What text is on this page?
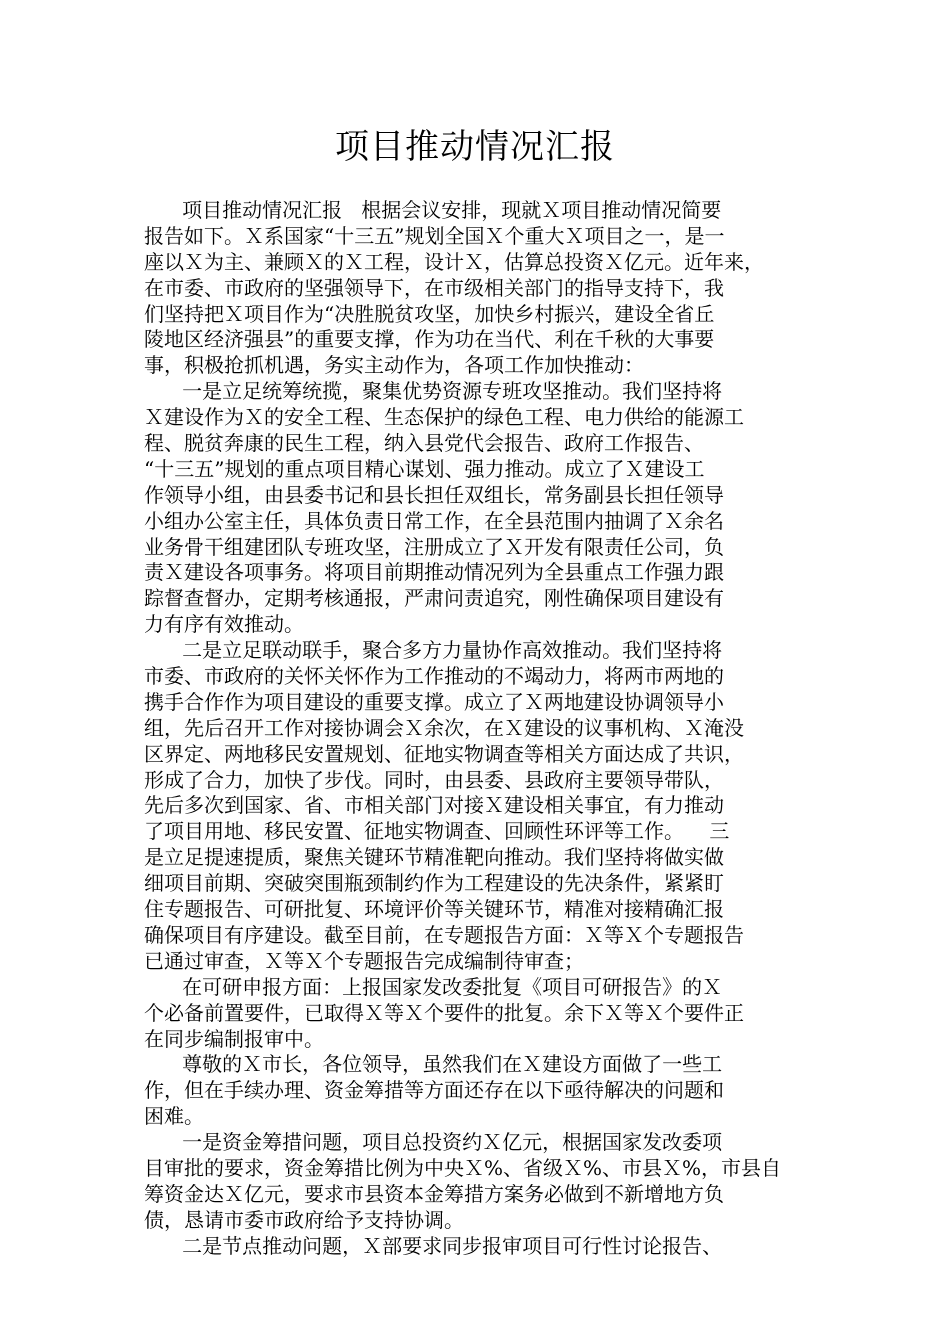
项目推动情况汇报
项目推动情况汇报   根据会议安排，现就Ｘ项目推动情况简要
报告如下。Ｘ系国家“十三五”规划全国Ｘ个重大Ｘ项目之一，是一
座以Ｘ为主、兼顾Ｘ的Ｘ工程，设计Ｘ，估算总投资Ｘ亿元。近年来，
在市委、市政府的坚强领导下，在市级相关部门的指导支持下，我
们坚持把Ｘ项目作为“决胜脱贫攻坚，加快乡村振兴，建设全省丘
陵地区经济强县”的重要支撑，作为功在当代、利在千秋的大事要
事，积极抢抓机遇，务实主动作为，各项工作加快推动：
一是立足统筹统揽，聚集优势资源专班攻坚推动。我们坚持将
Ｘ建设作为Ｘ的安全工程、生态保护的绿色工程、电力供给的能源工
程、脱贫奔康的民生工程，纳入县党代会报告、政府工作报告、
“十三五”规划的重点项目精心谋划、强力推动。成立了Ｘ建设工
作领导小组，由县委书记和县长担任双组长，常务副县长担任领导
小组办公室主任，具体负责日常工作，在全县范围内抽调了Ｘ余名
业务骨干组建团队专班攻坚，注册成立了Ｘ开发有限责任公司，负
责Ｘ建设各项事务。将项目前期推动情况列为全县重点工作强力跟
踪督查督办，定期考核通报，严肃问责追究，刚性确保项目建设有
力有序有效推动。
二是立足联动联手，聚合多方力量协作高效推动。我们坚持将
市委、市政府的关怀关怀作为工作推动的不竭动力，将两市两地的
携手合作作为项目建设的重要支撑。成立了Ｘ两地建设协调领导小
组，先后召开工作对接协调会Ｘ余次，在Ｘ建设的议事机构、Ｘ淹没
区界定、两地移民安置规划、征地实物调查等相关方面达成了共识，
形成了合力，加快了步伐。同时，由县委、县政府主要领导带队，
先后多次到国家、省、市相关部门对接Ｘ建设相关事宜，有力推动
了项目用地、移民安置、征地实物调查、回顾性环评等工作。    三
是立足提速提质，聚焦关键环节精准靶向推动。我们坚持将做实做
细项目前期、突破突围瓶颈制约作为工程建设的先决条件，紧紧盯
住专题报告、可研批复、环境评价等关键环节，精准对接精确汇报
确保项目有序建设。截至目前，在专题报告方面：Ｘ等Ｘ个专题报告
已通过审查，Ｘ等Ｘ个专题报告完成编制待审查；
在可研申报方面：上报国家发改委批复《项目可研报告》的Ｘ
个必备前置要件，已取得Ｘ等Ｘ个要件的批复。余下Ｘ等Ｘ个要件正
在同步编制报审中。
尊敬的Ｘ市长，各位领导，虽然我们在Ｘ建设方面做了一些工
作，但在手续办理、资金筹措等方面还存在以下亟待解决的问题和
困难。
一是资金筹措问题，项目总投资约Ｘ亿元，根据国家发改委项
目审批的要求，资金筹措比例为中央Ｘ%、省级Ｘ%、市县Ｘ%，市县自
筹资金达Ｘ亿元，要求市县资本金筹措方案务必做到不新增地方负
债，恳请市委市政府给予支持协调。
二是节点推动问题，Ｘ部要求同步报审项目可行性讨论报告、
